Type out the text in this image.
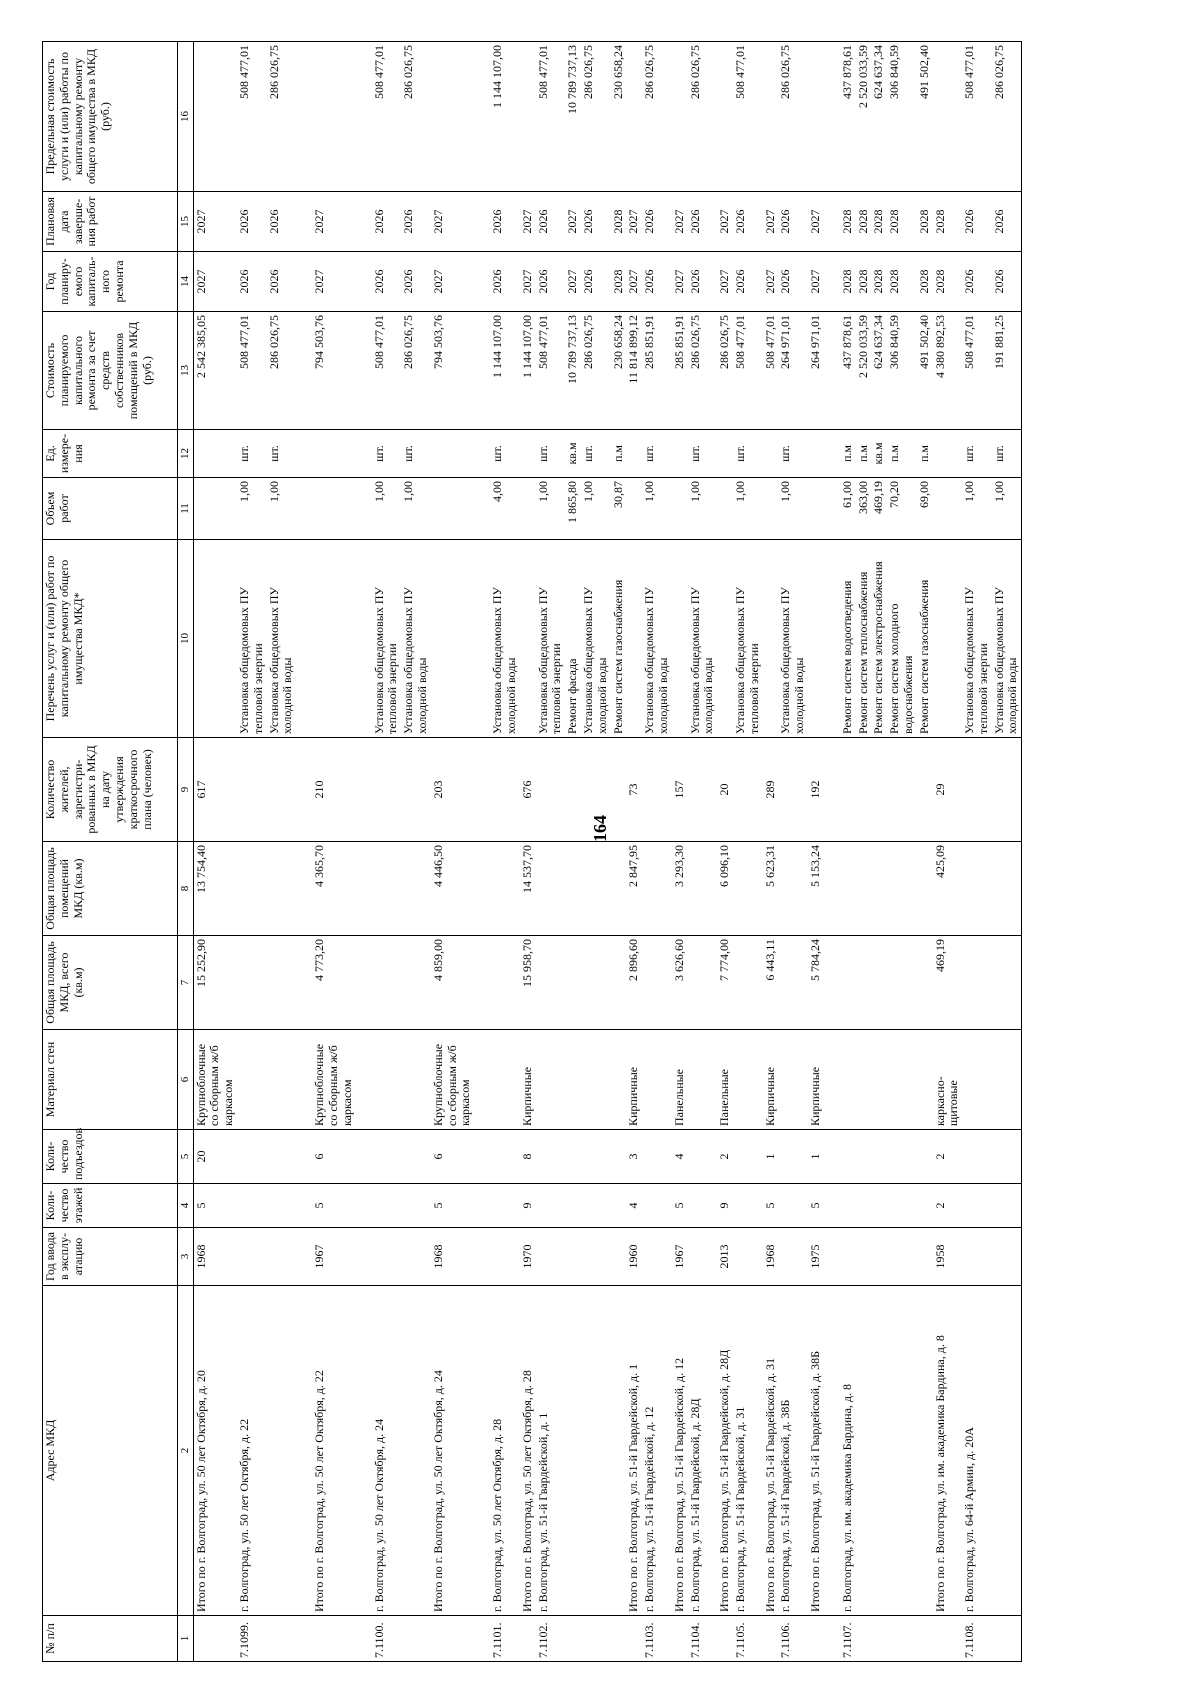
164
№ п/п	Адрес МКД	Год ввода в эксплу-атацию	Коли-чество этажей	Коли-чество подъездов	Материал стен	Общая площадь МКД, всего (кв.м)	Общая площадь помещений МКД (кв.м)	Количество жителей, зарегистри-рованных в МКД на дату утверждения краткосрочного плана (человек)	Перечень услуг и (или) работ по капитальному ремонту общего имущества МКД*	Объем работ	Ед. измере-ния	Стоимость планируемого капитального ремонта за счет средств собственников помещений в МКД (руб.)	Год планиру-емого капиталь-ного ремонта	Плановая дата заверше-ния работ	Предельная стоимость услуги и (или) работы по капитальному ремонту общего имущества в МКД (руб.)
1	2	3	4	5	6	7	8	9	10	11	12	13	14	15	16
	Итого по г. Волгоград, ул. 50 лет Октября, д. 20	1968	5	20	Крупноблочные со сборным ж/б каркасом	15 252,90	13 754,40	617				2 542 385,05	2027	2027	
7.1099.	г. Волгоград, ул. 50 лет Октября, д. 22								Установка общедомовых ПУ тепловой энергии	1,00	шт.	508 477,01	2026	2026	508 477,01
									Установка общедомовых ПУ холодной воды	1,00	шт.	286 026,75	2026	2026	286 026,75

	Итого по г. Волгоград, ул. 50 лет Октября, д. 22	1967	5	6	Крупноблочные со сборным ж/б каркасом	4 773,20	4 365,70	210				794 503,76	2027	2027	

7.1100.	г. Волгоград, ул. 50 лет Октября, д. 24								Установка общедомовых ПУ тепловой энергии	1,00	шт.	508 477,01	2026	2026	508 477,01
									Установка общедомовых ПУ холодной воды	1,00	шт.	286 026,75	2026	2026	286 026,75
	Итого по г. Волгоград, ул. 50 лет Октября, д. 24	1968	5	6	Крупноблочные со сборным ж/б каркасом	4 859,00	4 446,50	203				794 503,76	2027	2027	

7.1101.	г. Волгоград, ул. 50 лет Октября, д. 28								Установка общедомовых ПУ холодной воды	4,00	шт.	1 144 107,00	2026	2026	1 144 107,00
	Итого по г. Волгоград, ул. 50 лет Октября, д. 28	1970	9	8	Кирпичные	15 958,70	14 537,70	676				1 144 107,00	2027	2027	
7.1102.	г. Волгоград, ул. 51-й Гвардейской, д. 1								Установка общедомовых ПУ тепловой энергии	1,00	шт.	508 477,01	2026	2026	508 477,01
									Ремонт фасада	1 865,80	кв.м	10 789 737,13	2027	2027	10 789 737,13
									Установка общедомовых ПУ холодной воды	1,00	шт.	286 026,75	2026	2026	286 026,75
									Ремонт систем газоснабжения	30,87	п.м	230 658,24	2028	2028	230 658,24
	Итого по г. Волгоград, ул. 51-й Гвардейской, д. 1	1960	4	3	Кирпичные	2 896,60	2 847,95	73				11 814 899,12	2027	2027	
7.1103.	г. Волгоград, ул. 51-й Гвардейской, д. 12								Установка общедомовых ПУ холодной воды	1,00	шт.	285 851,91	2026	2026	286 026,75
	Итого по г. Волгоград, ул. 51-й Гвардейской, д. 12	1967	5	4	Панельные	3 626,60	3 293,30	157				285 851,91	2027	2027	
7.1104.	г. Волгоград, ул. 51-й Гвардейской, д. 28Д								Установка общедомовых ПУ холодной воды	1,00	шт.	286 026,75	2026	2026	286 026,75
	Итого по г. Волгоград, ул. 51-й Гвардейской, д. 28Д	2013	9	2	Панельные	7 774,00	6 096,10	20				286 026,75	2027	2027	
7.1105.	г. Волгоград, ул. 51-й Гвардейской, д. 31								Установка общедомовых ПУ тепловой энергии	1,00	шт.	508 477,01	2026	2026	508 477,01
	Итого по г. Волгоград, ул. 51-й Гвардейской, д. 31	1968	5	1	Кирпичные	6 443,11	5 623,31	289				508 477,01	2027	2027	
7.1106.	г. Волгоград, ул. 51-й Гвардейской, д. 38Б								Установка общедомовых ПУ холодной воды	1,00	шт.	264 971,01	2026	2026	286 026,75
	Итого по г. Волгоград, ул. 51-й Гвардейской, д. 38Б	1975	5	1	Кирпичные	5 784,24	5 153,24	192				264 971,01	2027	2027	

7.1107.	г. Волгоград, ул. им. академика Бардина, д. 8								Ремонт систем водоотведения	61,00	п.м	437 878,61	2028	2028	437 878,61
									Ремонт систем теплоснабжения	363,00	п.м	2 520 033,59	2028	2028	2 520 033,59
									Ремонт систем электроснабжения	469,19	кв.м	624 637,34	2028	2028	624 637,34
									Ремонт систем холодного водоснабжения	70,20	п.м	306 840,59	2028	2028	306 840,59
									Ремонт систем газоснабжения	69,00	п.м	491 502,40	2028	2028	491 502,40
	Итого по г. Волгоград, ул. им. академика Бардина, д. 8	1958	2	2	каркасно-щитовые	469,19	425,09	29				4 380 892,53	2028	2028	
7.1108.	г. Волгоград, ул. 64-й Армии, д. 20А								Установка общедомовых ПУ тепловой энергии	1,00	шт.	508 477,01	2026	2026	508 477,01
									Установка общедомовых ПУ холодной воды	1,00	шт.	191 881,25	2026	2026	286 026,75
